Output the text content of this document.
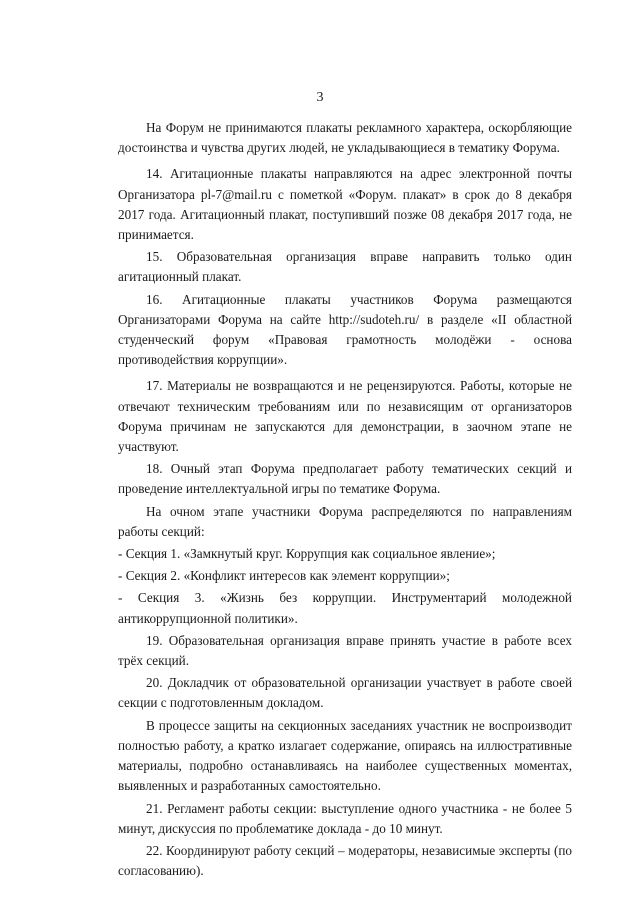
3

На Форум не принимаются плакаты рекламного характера, оскорбляющие достоинства и чувства других людей, не укладывающиеся в тематику Форума.

14. Агитационные плакаты направляются на адрес электронной почты Организатора pl-7@mail.ru с пометкой «Форум. плакат» в срок до 8 декабря 2017 года. Агитационный плакат, поступивший позже 08 декабря 2017 года, не принимается.

15. Образовательная организация вправе направить только один агитационный плакат.

16. Агитационные плакаты участников Форума размещаются Организаторами Форума на сайте http://sudoteh.ru/ в разделе «II областной студенческий форум «Правовая грамотность молодёжи - основа противодействия коррупции».

17. Материалы не возвращаются и не рецензируются. Работы, которые не отвечают техническим требованиям или по независящим от организаторов Форума причинам не запускаются для демонстрации, в заочном этапе не участвуют.

18. Очный этап Форума предполагает работу тематических секций и проведение интеллектуальной игры по тематике Форума.

На очном этапе участники Форума распределяются по направлениям работы секций:

- Секция 1. «Замкнутый круг. Коррупция как социальное явление»;

- Секция 2. «Конфликт интересов как элемент коррупции»;

- Секция 3. «Жизнь без коррупции. Инструментарий молодежной антикоррупционной политики».

19. Образовательная организация вправе принять участие в работе всех трёх секций.

20. Докладчик от образовательной организации участвует в работе своей секции с подготовленным докладом.

В процессе защиты на секционных заседаниях участник не воспроизводит полностью работу, а кратко излагает содержание, опираясь на иллюстративные материалы, подробно останавливаясь на наиболее существенных моментах, выявленных и разработанных самостоятельно.

21. Регламент работы секции: выступление одного участника - не более 5 минут, дискуссия по проблематике доклада - до 10 минут.

22. Координируют работу секций – модераторы, независимые эксперты (по согласованию).
